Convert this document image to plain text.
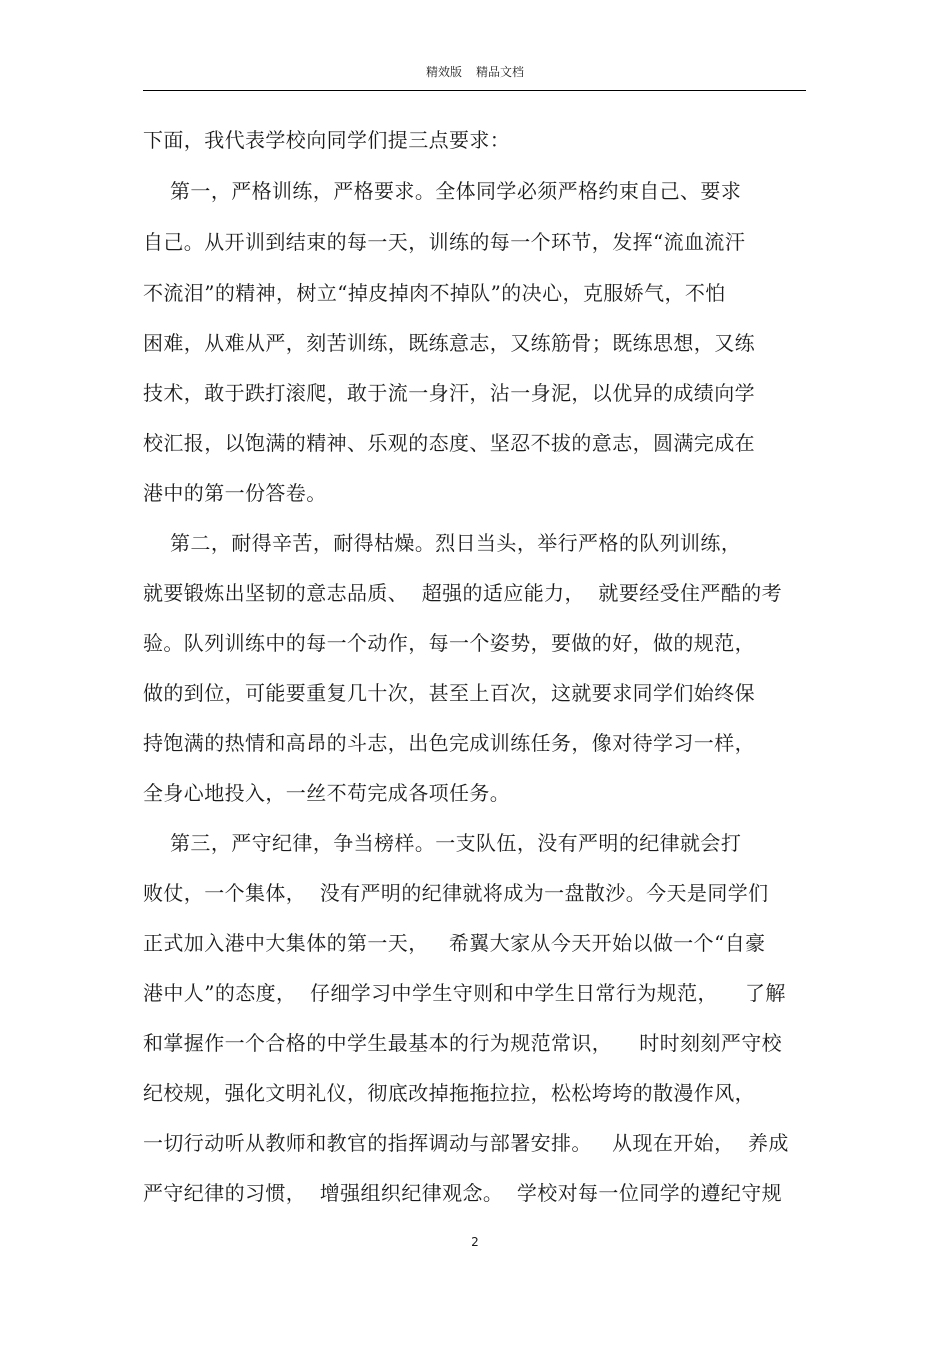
精效版 精品文档
下面，我代表学校向同学们提三点要求：
第一，严格训练，严格要求。全体同学必须严格约束自己、要求
自己。从开训到结束的每一天，训练的每一个环节，发挥“流血流汗
不流泪”的精神，树立“掉皮掉肉不掉队”的决心，克服娇气，不怕
困难，从难从严，刻苦训练，既练意志，又练筋骨；既练思想，又练
技术，敢于跌打滚爬，敢于流一身汗，沾一身泥，以优异的成绩向学
校汇报，以饱满的精神、乐观的态度、坚忍不拔的意志，圆满完成在
港中的第一份答卷。
第二，耐得辛苦，耐得枯燥。烈日当头，举行严格的队列训练，
就要锻炼出坚韧的意志品质、  超强的适应能力，  就要经受住严酷的考
验。队列训练中的每一个动作，每一个姿势，要做的好，做的规范，
做的到位，可能要重复几十次，甚至上百次，这就要求同学们始终保
持饱满的热情和高昂的斗志，出色完成训练任务，像对待学习一样，
全身心地投入，一丝不苟完成各项任务。
第三，严守纪律，争当榜样。一支队伍，没有严明的纪律就会打
败仗，一个集体，  没有严明的纪律就将成为一盘散沙。今天是同学们
正式加入港中大集体的第一天，   希翼大家从今天开始以做一个“自豪
港中人”的态度，  仔细学习中学生守则和中学生日常行为规范，    了解
和掌握作一个合格的中学生最基本的行为规范常识，    时时刻刻严守校
纪校规，强化文明礼仪，彻底改掉拖拖拉拉，松松垮垮的散漫作风，
一切行动听从教师和教官的指挥调动与部署安排。   从现在开始，  养成
严守纪律的习惯，  增强组织纪律观念。  学校对每一位同学的遵纪守规
2
